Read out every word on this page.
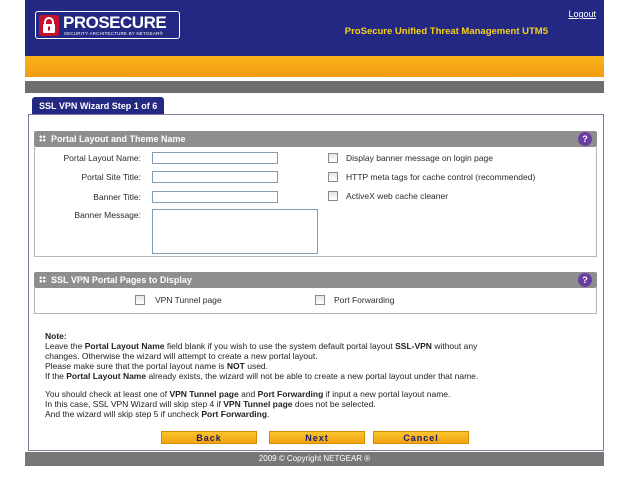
PROSECURE
SECURITY ARCHITECTURE BY NETGEAR®
Logout
ProSecure Unified Threat Management UTM5
SSL VPN Wizard Step 1 of 6
Portal Layout and Theme Name	?
Portal Layout Name:
Portal Site Title:
Banner Title:
Banner Message:
Display banner message on login page
HTTP meta tags for cache control (recommended)
ActiveX web cache cleaner
SSL VPN Portal Pages to Display	?
VPN Tunnel page	Port Forwarding

Note:

Leave the Portal Layout Name field blank if you wish to use the system default portal layout SSL-VPN without any

changes. Otherwise the wizard will attempt to create a new portal layout.

Please make sure that the portal layout name is NOT used.

If the Portal Layout Name already exists, the wizard will not be able to create a new portal layout under that name.

You should check at least one of VPN Tunnel page and Port Forwarding if input a new portal layout name.

In this case, SSL VPN Wizard will skip step 4 if VPN Tunnel page does not be selected.

And the wizard will skip step 5 if uncheck Port Forwarding.

Back	Next	Cancel
2009 © Copyright NETGEAR ®
